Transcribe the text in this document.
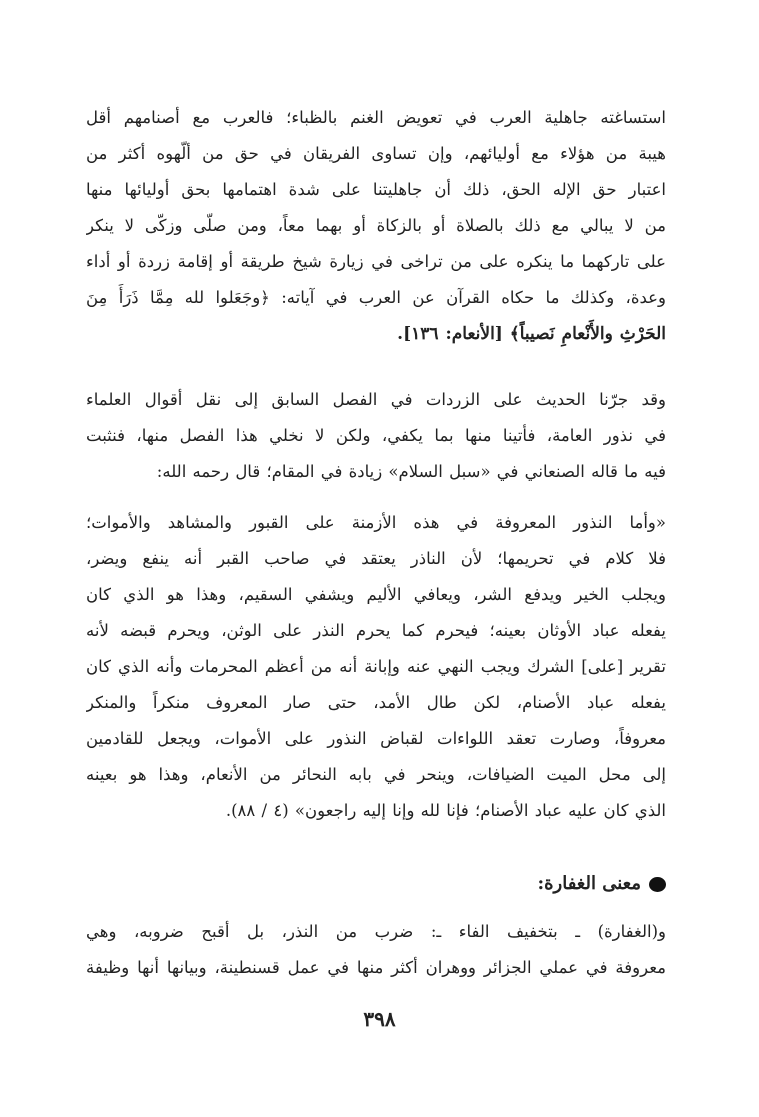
استساغته جاهلية العرب في تعويض الغنم بالظباء؛ فالعرب مع أصنامهم أقل
هيبة من هؤلاء مع أوليائهم، وإن تساوى الفريقان في حق من ألّهوه أكثر من
اعتبار حق الإله الحق، ذلك أن جاهليتنا على شدة اهتمامها بحق أوليائها منها
من لا يبالي مع ذلك بالصلاة أو بالزكاة أو بهما معاً، ومن صلّى وزكّى لا ينكر
على تاركهما ما ينكره على من تراخى في زيارة شيخ طريقة أو إقامة زردة أو أداء
وعدة، وكذلك ما حكاه القرآن عن العرب في آياته: ﴿وجَعَلوا لله مِمَّا ذَرَأَ مِنَ
الحَرْثِ والأَنْعامِ نَصيباً﴾ [الأنعام: ١٣٦].
وقد جرّنا الحديث على الزردات في الفصل السابق إلى نقل أقوال العلماء
في نذور العامة، فأتينا منها بما يكفي، ولكن لا نخلي هذا الفصل منها، فنثبت
فيه ما قاله الصنعاني في «سبل السلام» زيادة في المقام؛ قال رحمه الله:
«وأما النذور المعروفة في هذه الأزمنة على القبور والمشاهد والأموات؛
فلا كلام في تحريمها؛ لأن الناذر يعتقد في صاحب القبر أنه ينفع ويضر،
ويجلب الخير ويدفع الشر، ويعافي الأليم ويشفي السقيم، وهذا هو الذي كان
يفعله عباد الأوثان بعينه؛ فيحرم كما يحرم النذر على الوثن، ويحرم قبضه لأنه
تقرير [على] الشرك ويجب النهي عنه وإبانة أنه من أعظم المحرمات وأنه الذي كان
يفعله عباد الأصنام، لكن طال الأمد، حتى صار المعروف منكراً والمنكر
معروفاً، وصارت تعقد اللواءات لقباض النذور على الأموات، ويجعل للقادمين
إلى محل الميت الضيافات، وينحر في بابه النحائر من الأنعام، وهذا هو بعينه
الذي كان عليه عباد الأصنام؛ فإنا لله وإنا إليه راجعون» (٤ / ٨٨).
معنى الغفارة:
و(الغفارة) ـ بتخفيف الفاء ـ: ضرب من النذر، بل أقبح ضروبه، وهي
معروفة في عملي الجزائر ووهران أكثر منها في عمل قسنطينة، وبيانها أنها وظيفة
٣٩٨
